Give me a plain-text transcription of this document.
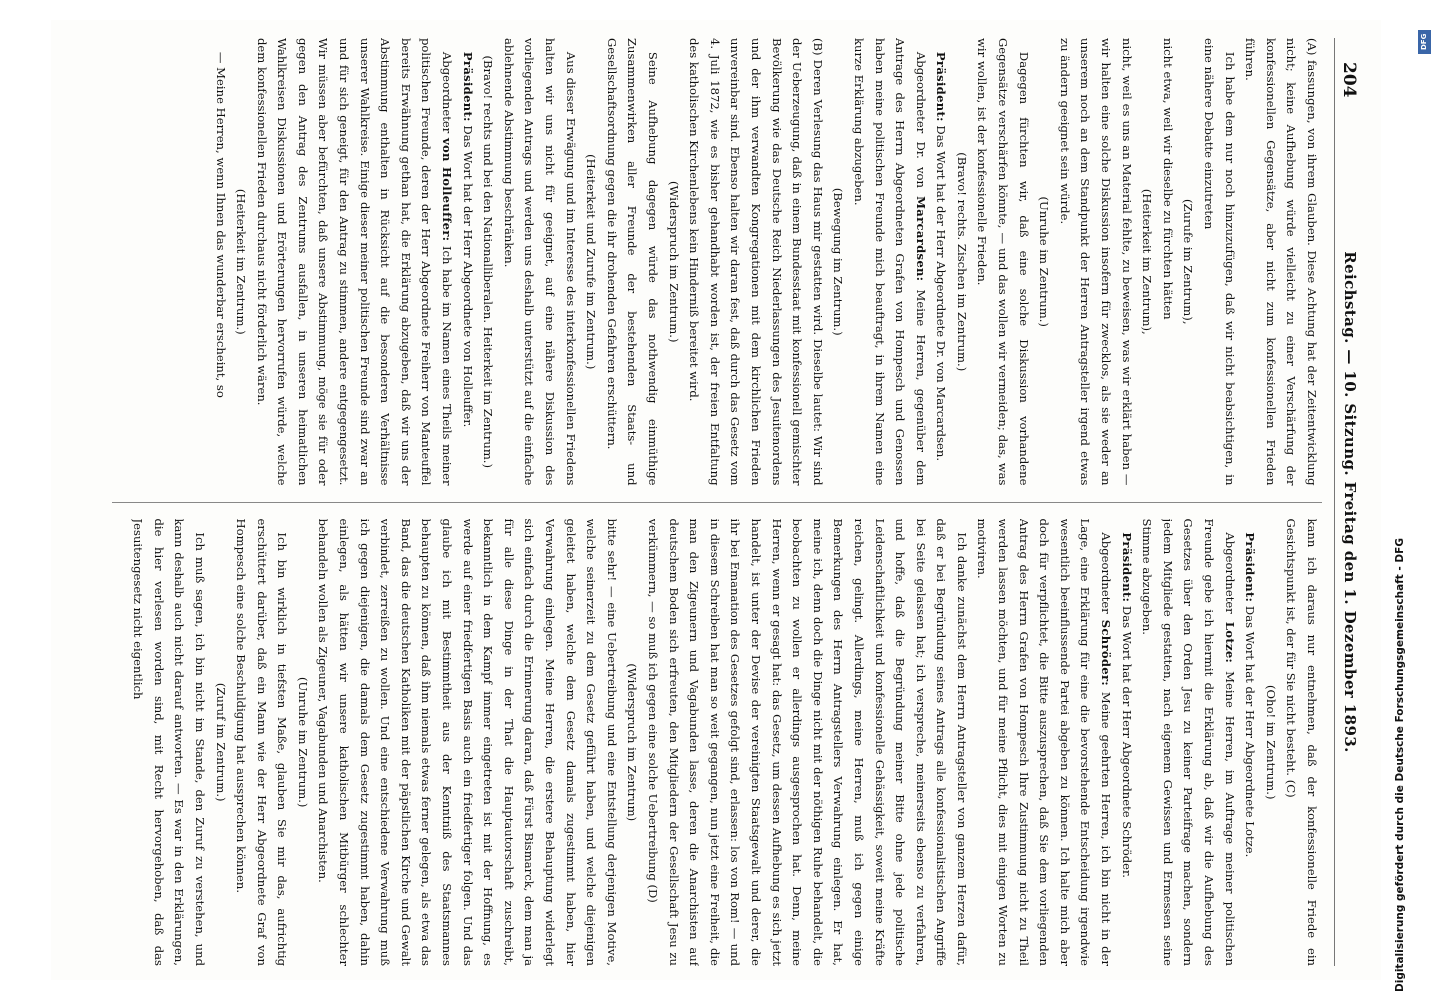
204
Reichstag. — 10. Sitzung. Freitag den 1. Dezember 1893.

(A) fassungen, von ihrem Glauben. Diese Achtung hat der Zeitentwicklung nicht; keine Aufhebung würde vielleicht zu einer Verschärfung der konfessionellen Gegensätze, aber nicht zum konfessionellen Frieden führen.

Ich habe dem nur noch hinzuzufügen, daß wir nicht beabsichtigen, in eine nähere Debatte einzutreten

(Zurufe im Zentrum),

nicht etwa, weil wir dieselbe zu fürchten hätten

(Heiterkeit im Zentrum),

nicht, weil es uns an Material fehlte, zu beweisen, was wir erklärt haben — wir halten eine solche Diskussion insofern für zwecklos, als sie weder an unserem noch an dem Standpunkt der Herren Antragsteller irgend etwas zu ändern geeignet sein würde.

(Unruhe im Zentrum.)

Dagegen fürchten wir, daß eine solche Diskussion vorhandene Gegensätze verschärfen könnte, — und das wollen wir vermeiden; das, was wir wollen, ist der konfessionelle Frieden.

(Bravo! rechts. Zischen im Zentrum.)

Präsident: Das Wort hat der Herr Abgeordnete Dr. von Marcardsen.

Abgeordneter Dr. von Marcardsen: Meine Herren, gegenüber dem Antrage des Herrn Abgeordneten Grafen von Hompesch und Genossen haben meine politischen Freunde mich beauftragt, in ihrem Namen eine kurze Erklärung abzugeben.

(Bewegung im Zentrum.)

(B) Deren Verlesung das Haus mir gestatten wird. Dieselbe lautet: Wir sind der Ueberzeugung, daß in einem Bundesstaat mit konfessionell gemischter Bevölkerung wie das Deutsche Reich Niederlassungen des Jesuitenordens und der ihm verwandten Kongregationen mit dem kirchlichen Frieden unvereinbar sind. Ebenso halten wir daran fest, daß durch das Gesetz vom 4. Juli 1872, wie es bisher gehandhabt worden ist, der freien Entfaltung des katholischen Kirchenlebens kein Hinderniß bereitet wird.

(Widerspruch im Zentrum.)

Seine Aufhebung dagegen würde das nothwendig einmüthige Zusammenwirken aller Freunde der bestehenden Staats- und Gesellschaftsordnung gegen die ihr drohenden Gefahren erschüttern.

(Heiterkeit und Zurufe im Zentrum.)

Aus dieser Erwägung und im Interesse des interkonfessionellen Friedens halten wir uns nicht für geeignet, auf eine nähere Diskussion des vorliegenden Antrags und werden uns deshalb unterstützt auf die einfache ablehnende Abstimmung beschränken.

(Bravo! rechts und bei den Nationalliberalen. Heiterkeit im Zentrum.)

Präsident: Das Wort hat der Herr Abgeordnete von Holleuffer.

Abgeordneter von Holleuffer: Ich habe im Namen eines Theils meiner politischen Freunde, deren der Herr Abgeordnete Freiherr von Manteuffel bereits Erwähnung gethan hat, die Erklärung abzugeben, daß wir uns der Abstimmung enthalten in Rücksicht auf die besonderen Verhältnisse unserer Wahlkreise. Einige dieser meiner politischen Freunde sind zwar an und für sich geneigt, für den Antrag zu stimmen, andere entgegengesetzt. Wir müssen aber befürchten, daß unsere Abstimmung, möge sie für oder gegen den Antrag des Zentrums ausfallen, in unseren heimatlichen Wahlkreisen Diskussionen und Erörterungen hervorrufen würde, welche dem konfessionellen Frieden durchaus nicht förderlich wären.

(Heiterkeit im Zentrum.)

— Meine Herren, wenn Ihnen das wunderbar erscheint, so

kann ich daraus nur entnehmen, daß der konfessionelle Friede ein Gesichtspunkt ist, der für Sie nicht besteht. (C)

(Oho! im Zentrum.)

Präsident: Das Wort hat der Herr Abgeordnete Lotze.

Abgeordneter Lotze: Meine Herren, im Auftrage meiner politischen Freunde gebe ich hiermit die Erklärung ab, daß wir die Aufhebung des Gesetzes über den Orden Jesu zu keiner Parteifrage machen, sondern jedem Mitgliede gestatten, nach eigenem Gewissen und Ermessen seine Stimme abzugeben.

Präsident: Das Wort hat der Herr Abgeordnete Schröder.

Abgeordneter Schröder: Meine geehrten Herren, ich bin nicht in der Lage, eine Erklärung für eine die bevorstehende Entscheidung irgendwie wesentlich beeinflussende Partei abgeben zu können. Ich halte mich aber doch für verpflichtet, die Bitte auszusprechen, daß Sie dem vorliegenden Antrag des Herrn Grafen von Hompesch Ihre Zustimmung nicht zu Theil werden lassen möchten, und für meine Pflicht, dies mit einigen Worten zu motiviren.

Ich danke zunächst dem Herrn Antragsteller von ganzem Herzen dafür, daß er bei Begründung seines Antrags alle konfessionalistischen Angriffe bei Seite gelassen hat; ich verspreche, meinerseits ebenso zu verfahren, und hoffe, daß die Begründung meiner Bitte ohne jede politische Leidenschaftlichkeit und konfessionelle Gehässigkeit, soweit meine Kräfte reichen, gelingt. Allerdings, meine Herren, muß ich gegen einige Bemerkungen des Herrn Antragstellers Verwahrung einlegen. Er hat, meine ich, denn doch die Dinge nicht mit der nöthigen Ruhe behandelt, die beobachten zu wollen er allerdings ausgesprochen hat. Denn, meine Herren, wenn er gesagt hat: das Gesetz, um dessen Aufhebung es sich jetzt handelt, ist unter der Devise der vereinigten Staatsgewalt und derer, die ihr bei Emanation des Gesetzes gefolgt sind, erlassen: los von Rom! — und in diesem Schreiben hat man so weit gegangen, nun jetzt eine Freiheit, die man den Zigeunern und Vagabunden lasse, deren die Anarchisten auf deutschem Boden sich erfreuten, den Mitgliedern der Gesellschaft Jesu zu verkümmern, — so muß ich gegen eine solche Uebertreibung (D)

(Widerspruch im Zentrum)

bitte sehr! — eine Uebertreibung und eine Entstellung derjenigen Motive, welche seinerzeit zu dem Gesetz geführt haben, und welche diejenigen geleitet haben, welche dem Gesetz damals zugestimmt haben, hier Verwahrung einlegen. Meine Herren, die erstere Behauptung widerlegt sich einfach durch die Erinnerung daran, daß Fürst Bismarck, dem man ja für alle diese Dinge in der That die Hauptautorschaft zuschreibt, bekanntlich in dem Kampf immer eingetreten ist mit der Hoffnung, es werde auf einer friedfertigen Basis auch ein friedfertiger folgen. Und das glaube ich mit Bestimmtheit aus der Kenntniß des Staatsmannes behaupten zu können, daß ihm niemals etwas ferner gelegen, als etwa das Band, das die deutschen Katholiken mit der päpstlichen Kirche und Gewalt verbindet, zerreißen zu wollen. Und eine entschiedene Verwahrung muß ich gegen diejenigen, die damals dem Gesetz zugestimmt haben, dahin einlegen, als hätten wir unsere katholischen Mitbürger schlechter behandeln wollen als Zigeuner, Vagabunden und Anarchisten.

(Unruhe im Zentrum.)

Ich bin wirklich in tiefsten Maße, glauben Sie mir das, aufrichtig erschüttert darüber, daß ein Mann wie der Herr Abgeordnete Graf von Hompesch eine solche Beschuldigung hat aussprechen können.

(Zuruf im Zentrum.)

Ich muß sagen, ich bin nicht im Stande, den Zuruf zu verstehen, und kann deshalb auch nicht darauf antworten. — Es war in den Erklärungen, die hier verlesen worden sind, mit Recht hervorgehoben, daß das Jesuitengesetz nicht eigentlich	Digitalisierung gefördert durch die Deutsche Forschungsgemeinschaft - DFG
DFG
